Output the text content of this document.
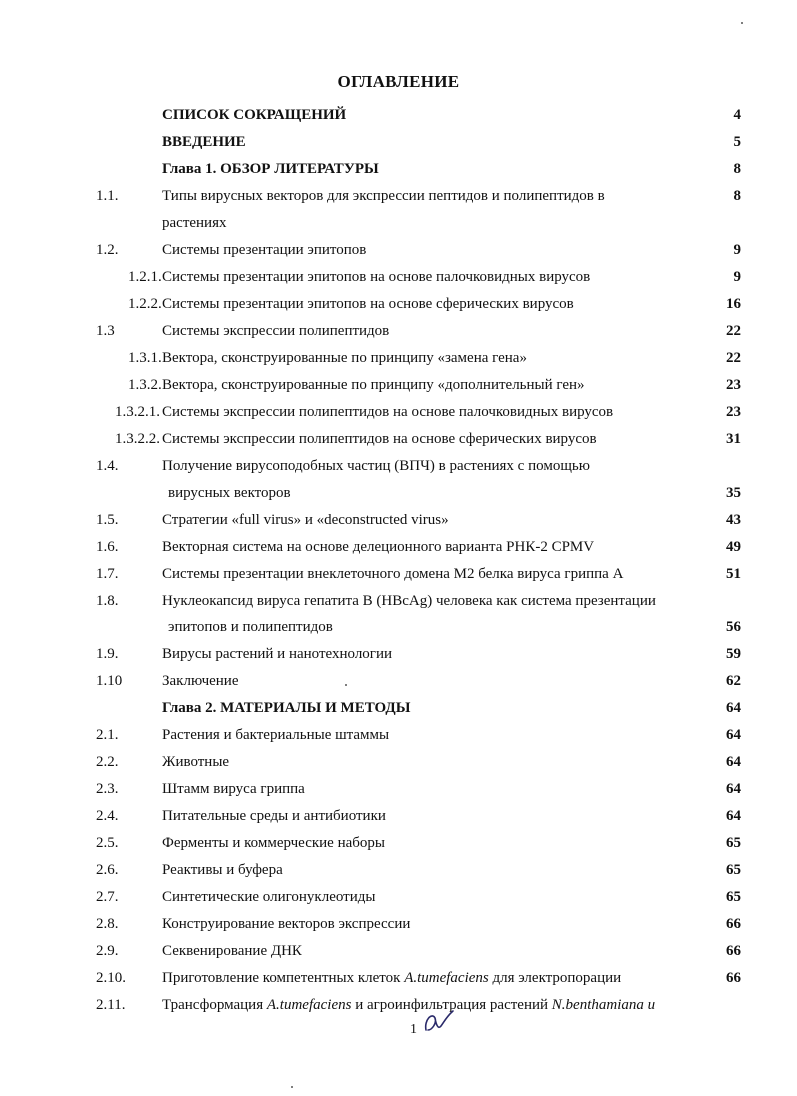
ОГЛАВЛЕНИЕ
СПИСОК СОКРАЩЕНИЙ	4
ВВЕДЕНИЕ	5
Глава 1. ОБЗОР ЛИТЕРАТУРЫ	8
1.1.	Типы вирусных векторов для экспрессии пептидов и полипептидов в	8
растениях
1.2.	Системы презентации эпитопов	9
1.2.1. Системы презентации эпитопов на основе палочковидных вирусов	9
1.2.2. Системы презентации эпитопов на основе сферических вирусов	16
1.3	Системы экспрессии полипептидов	22
1.3.1. Вектора, сконструированные по принципу «замена гена»	22
1.3.2. Вектора, сконструированные по принципу «дополнительный ген»	23
1.3.2.1. Системы экспрессии полипептидов на основе палочковидных вирусов	23
1.3.2.2. Системы экспрессии полипептидов на основе сферических вирусов	31
1.4.	Получение вирусоподобных частиц (ВПЧ) в растениях с помощью
вирусных векторов	35
1.5.	Стратегии «full virus» и «deconstructed virus»	43
1.6.	Векторная система на основе делеционного варианта РНК-2 CPMV	49
1.7.	Системы презентации внеклеточного домена M2 белка вируса гриппа А	51
1.8.	Нуклеокапсид вируса гепатита В (HBcAg) человека как система презентации
эпитопов и полипептидов	56
1.9.	Вирусы растений и нанотехнологии	59
1.10	Заключение	62
Глава 2. МАТЕРИАЛЫ И МЕТОДЫ	64
2.1.	Растения и бактериальные штаммы	64
2.2.	Животные	64
2.3.	Штамм вируса гриппа	64
2.4.	Питательные среды и антибиотики	64
2.5.	Ферменты и коммерческие наборы	65
2.6.	Реактивы и буфера	65
2.7.	Синтетические олигонуклеотиды	65
2.8.	Конструирование векторов экспрессии	66
2.9.	Секвенирование ДНК	66
2.10. Приготовление компетентных клеток A.tumefaciens для электропорации	66
2.11. Трансформация A.tumefaciens и агроинфильтрация растений N.benthamiana u
1
